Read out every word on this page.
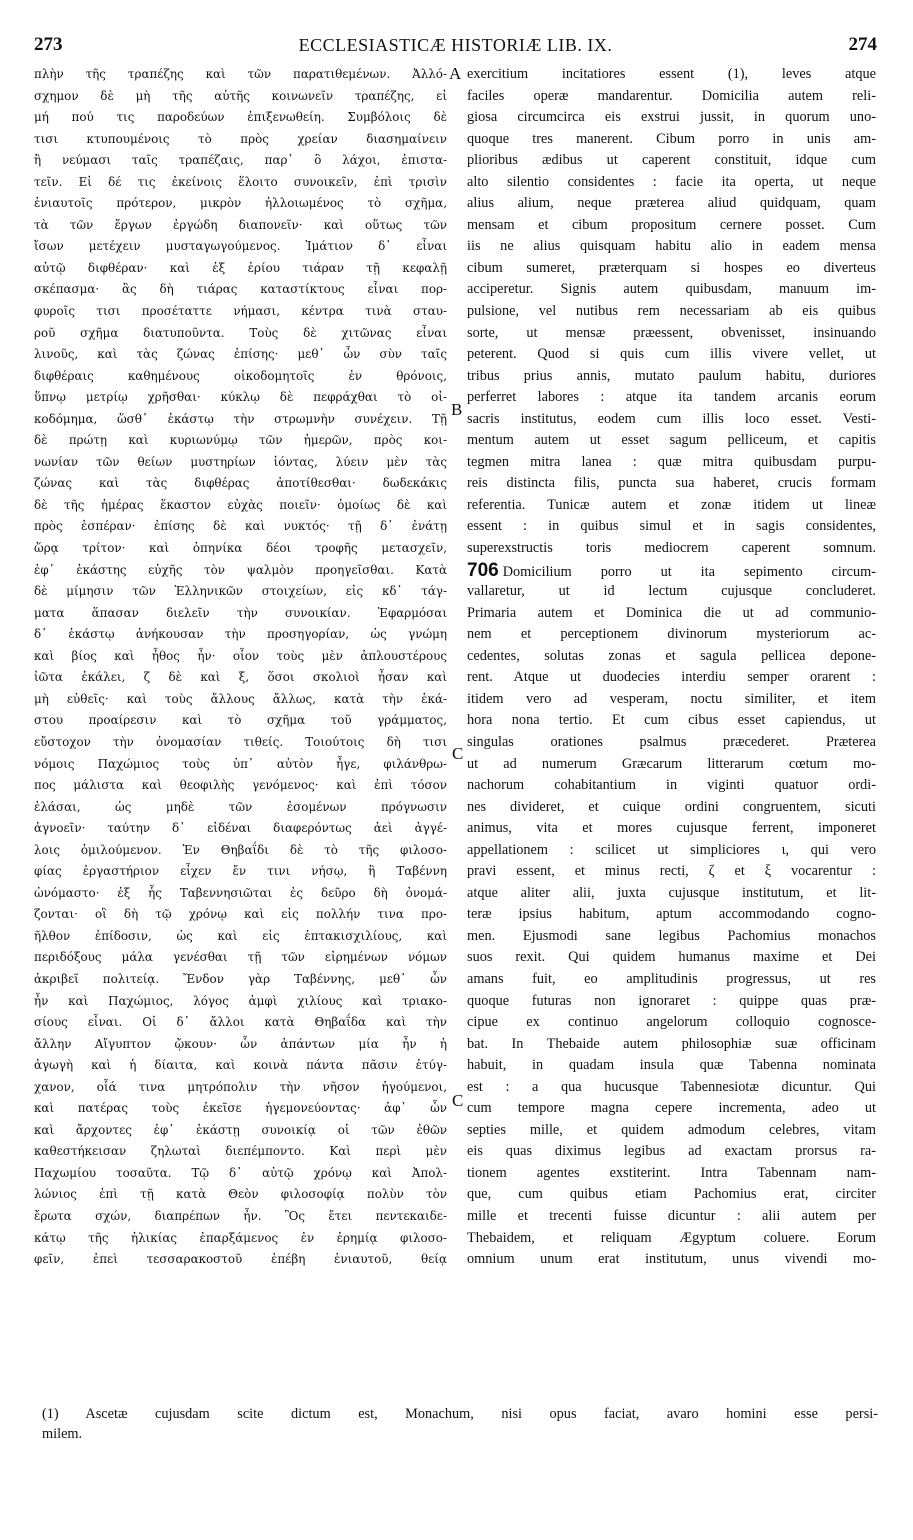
273	ECCLESIASTICÆ HISTORIÆ LIB. IX.	274
πλὴν τῆς τραπέζης καὶ τῶν παρατιθεμένων. Ἀλλό-
σχημον δὲ μὴ τῆς αὐτῆς κοινωνεῖν τραπέζης, εἰ
μή πού τις παροδεύων ἐπιξενωθείη. Συμβόλοις δὲ
τισι κτυπουμένοις τὸ πρὸς χρείαν διασημαίνειν
ἢ νεύμασι ταῖς τραπέζαις, παρ᾿ ὃ λάχοι, ἐπιστα-
τεῖν. Εἰ δέ τις ἐκείνοις ἕλοιτο συνοικεῖν, ἐπὶ τρισὶν
ἐνιαυτοῖς πρότερον, μικρὸν ἠλλοιωμένος τὸ σχῆμα,
τὰ τῶν ἔργων ἐργώδη διαπονεῖν· καὶ οὕτως τῶν
ἴσων μετέχειν μυσταγωγούμενος. Ἱμάτιον δ᾿ εἶναι
αὐτῷ διφθέραν· καὶ ἐξ ἐρίου τιάραν τῇ κεφαλῇ
σκέπασμα· ἃς δὴ τιάρας καταστίκτους εἶναι πορ-
φυροῖς τισι προσέταττε νήμασι, κέντρα τινὰ σταυ-
ροῦ σχῆμα διατυποῦντα. Τοὺς δὲ χιτῶνας εἶναι
λινοῦς, καὶ τὰς ζώνας ἐπίσης· μεθ᾿ ὧν σὺν ταῖς
διφθέραις καθημένους οἰκοδομητοῖς ἐν θρόνοις,
ὕπνῳ μετρίῳ χρῆσθαι· κύκλῳ δὲ πεφράχθαι τὸ οἰ-
κοδόμημα, ὥσθ᾿ ἑκάστῳ τὴν στρωμνὴν συνέχειν. Τῇ
δὲ πρώτῃ καὶ κυριωνύμῳ τῶν ἡμερῶν, πρὸς κοι-
νωνίαν τῶν θείων μυστηρίων ἰόντας, λύειν μὲν τὰς
ζώνας καὶ τὰς διφθέρας ἀποτίθεσθαι· δωδεκάκις
δὲ τῆς ἡμέρας ἕκαστον εὐχὰς ποιεῖν· ὁμοίως δὲ καὶ
πρὸς ἑσπέραν· ἐπίσης δὲ καὶ νυκτός· τῇ δ᾿ ἐνάτῃ
ὥρᾳ τρίτον· καὶ ὁπηνίκα δέοι τροφῆς μετασχεῖν,
ἐφ᾿ ἑκάστης εὐχῆς τὸν ψαλμὸν προηγεῖσθαι. Κατὰ
δὲ μίμησιν τῶν Ἑλληνικῶν στοιχείων, εἰς κδ᾿ τάγ-
ματα ἅπασαν διελεῖν τὴν συνοικίαν. Ἐφαρμόσαι
δ᾿ ἑκάστῳ ἀνήκουσαν τὴν προσηγορίαν, ὡς γνώμη
καὶ βίος καὶ ἦθος ἦν· οἷον τοὺς μὲν ἁπλουστέρους
ἰῶτα ἐκάλει, ζ δὲ καὶ ξ, ὅσοι σκολιοὶ ἦσαν καὶ
μὴ εὐθεῖς· καὶ τοὺς ἄλλους ἄλλως, κατὰ τὴν ἑκά-
στου προαίρεσιν καὶ τὸ σχῆμα τοῦ γράμματος,
εὔστοχον τὴν ὀνομασίαν τιθείς. Τοιούτοις δὴ τισι
νόμοις Παχώμιος τοὺς ὑπ᾿ αὐτὸν ἦγε, φιλάνθρω-
πος μάλιστα καὶ θεοφιλὴς γενόμενος· καὶ ἐπὶ τόσον
ἐλάσαι, ὡς μηδὲ τῶν ἐσομένων πρόγνωσιν
ἀγνοεῖν· ταύτην δ᾿ εἰδέναι διαφερόντως ἀεὶ ἀγγέ-
λοις ὁμιλούμενον. Ἐν Θηβαΐδι δὲ τὸ τῆς φιλοσο-
φίας ἐργαστήριον εἶχεν ἔν τινι νήσῳ, ἣ Ταβέννη
ὠνόμαστο· ἐξ ἧς Ταβεννησιῶται ἐς δεῦρο δὴ ὀνομά-
ζονται· οἳ δὴ τῷ χρόνῳ καὶ εἰς πολλήν τινα προ-
ῆλθον ἐπίδοσιν, ὡς καὶ εἰς ἑπτακισχιλίους, καὶ
περιδόξους μάλα γενέσθαι τῇ τῶν εἰρημένων νόμων
ἀκριβεῖ πολιτείᾳ. Ἔνδον γὰρ Ταβέννης, μεθ᾿ ὧν
ἦν καὶ Παχώμιος, λόγος ἀμφὶ χιλίους καὶ τριακο-
σίους εἶναι. Οἱ δ᾿ ἄλλοι κατὰ Θηβαΐδα καὶ τὴν
ἄλλην Αἴγυπτον ᾤκουν· ὧν ἁπάντων μία ἦν ἡ
ἀγωγὴ καὶ ἡ δίαιτα, καὶ κοινὰ πάντα πᾶσιν ἐτύγ-
χανον, οἷά τινα μητρόπολιν τὴν νῆσον ἡγούμενοι,
καὶ πατέρας τοὺς ἐκεῖσε ἡγεμονεύοντας· ἀφ᾿ ὧν
καὶ ἄρχοντες ἐφ᾿ ἑκάστῃ συνοικίᾳ οἱ τῶν ἐθῶν
καθεστήκεισαν ζηλωταὶ διεπέμποντο. Καὶ περὶ μὲν
Παχωμίου τοσαῦτα. Τῷ δ᾿ αὐτῷ χρόνῳ καὶ Ἀπολ-
λώνιος ἐπὶ τῇ κατὰ Θεὸν φιλοσοφίᾳ πολὺν τὸν
ἔρωτα σχών, διαπρέπων ἦν. Ὃς ἔτει πεντεκαιδε-
κάτῳ τῆς ἡλικίας ἐπαρξάμενος ἐν ἐρημίᾳ φιλοσο-
φεῖν, ἐπεὶ τεσσαρακοστοῦ ἐπέβη ἐνιαυτοῦ, θείᾳ
exercitium incitatiores essent (1), leves atque
faciles operæ mandarentur. Domicilia autem reli-
giosa circumcirca eis exstrui jussit, in quorum uno-
quoque tres manerent. Cibum porro in unis am-
plioribus ædibus ut caperent constituit, idque cum
alto silentio considentes : facie ita operta, ut neque
alius alium, neque præterea aliud quidquam, quam
mensam et cibum propositum cernere posset. Cum
iis ne alius quisquam habitu alio in eadem mensa
cibum sumeret, præterquam si hospes eo diverteus
acciperetur. Signis autem quibusdam, manuum im-
pulsione, vel nutibus rem necessariam ab eis quibus
sorte, ut mensæ præessent, obvenisset, insinuando
peterent. Quod si quis cum illis vivere vellet, ut
tribus prius annis, mutato paulum habitu, duriores
perferret labores : atque ita tandem arcanis eorum
sacris institutus, eodem cum illis loco esset. Vesti-
mentum autem ut esset sagum pelliceum, et capitis
tegmen mitra lanea : quæ mitra quibusdam purpu-
reis distincta filis, puncta sua haberet, crucis formam
referentia. Tunicæ autem et zonæ itidem ut lineæ
essent : in quibus simul et in sagis considentes,
superexstructis toris mediocrem caperent somnum.
706 Domicilium porro ut ita sepimento circum-
vallaretur, ut id lectum cujusque concluderet.
Primaria autem et Dominica die ut ad communio-
nem et perceptionem divinorum mysteriorum ac-
cedentes, solutas zonas et sagula pellicea depone-
rent. Atque ut duodecies interdiu semper orarent :
itidem vero ad vesperam, noctu similiter, et item
hora nona tertio. Et cum cibus esset capiendus, ut
singulas orationes psalmus præcederet. Præterea
ut ad numerum Græcarum litterarum cœtum mo-
nachorum cohabitantium in viginti quatuor ordi-
nes divideret, et cuique ordini congruentem, sicuti
animus, vita et mores cujusque ferrent, imponeret
appellationem : scilicet ut simpliciores ι, qui vero
pravi essent, et minus recti, ζ et ξ vocarentur :
atque aliter alii, juxta cujusque institutum, et lit-
teræ ipsius habitum, aptum accommodando cogno-
men. Ejusmodi sane legibus Pachomius monachos
suos rexit. Qui quidem humanus maxime et Dei
amans fuit, eo amplitudinis progressus, ut res
quoque futuras non ignoraret : quippe quas præ-
cipue ex continuo angelorum colloquio cognosce-
bat. In Thebaide autem philosophiæ suæ officinam
habuit, in quadam insula quæ Tabenna nominata
est : a qua hucusque Tabennesiotæ dicuntur. Qui
cum tempore magna cepere incrementa, adeo ut
septies mille, et quidem admodum celebres, vitam
eis quas diximus legibus ad exactam prorsus ra-
tionem agentes exstiterint. Intra Tabennam nam-
que, cum quibus etiam Pachomius erat, circiter
mille et trecenti fuisse dicuntur : alii autem per
Thebaidem, et reliquam Ægyptum coluere. Eorum
omnium unum erat institutum, unus vivendi mo-
A
B
C
C
(1) Ascetæ cujusdam scite dictum est, Monachum, nisi opus faciat, avaro homini esse persi-
milem.
